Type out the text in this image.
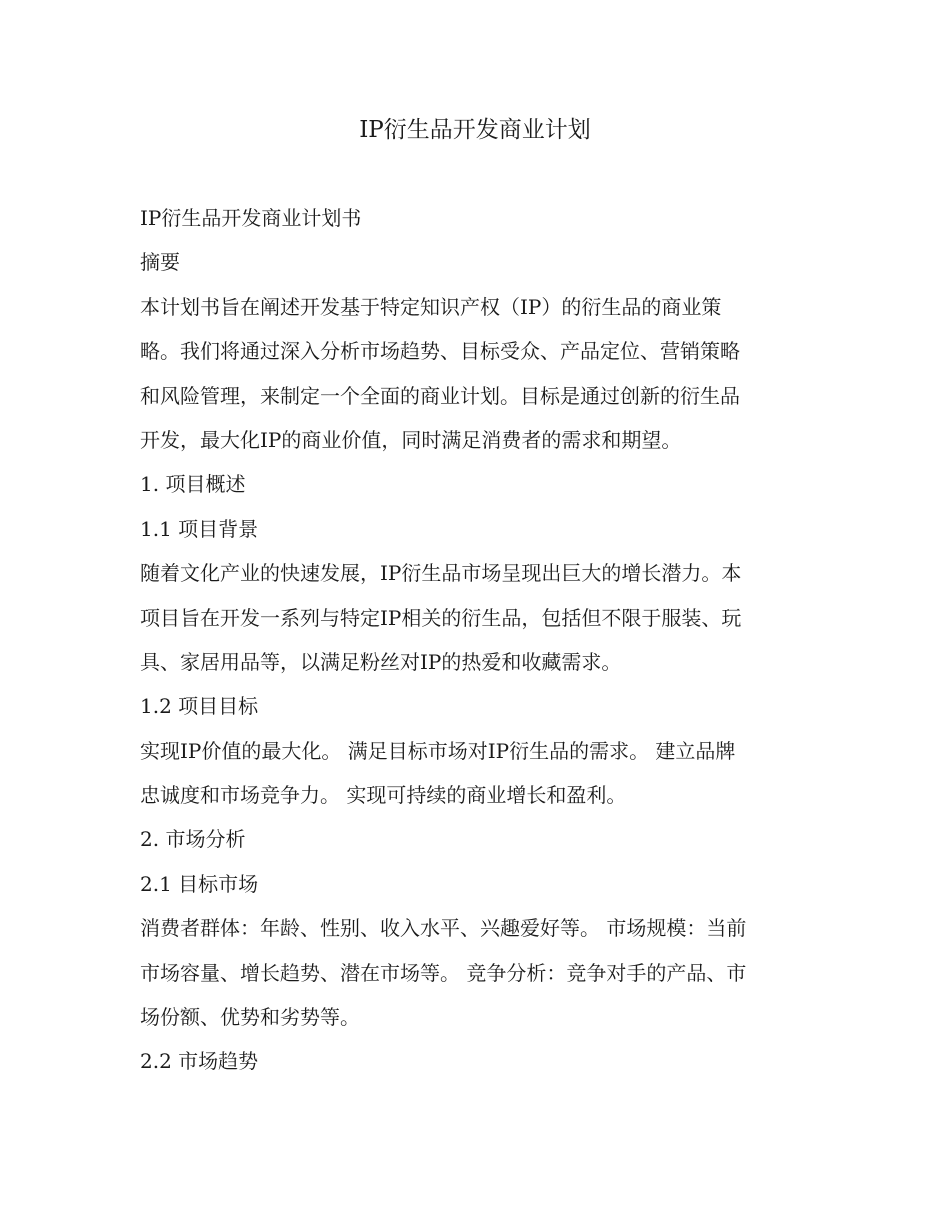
IP衍生品开发商业计划

IP衍生品开发商业计划书

摘要

本计划书旨在阐述开发基于特定知识产权（IP）的衍生品的商业策

略。我们将通过深入分析市场趋势、目标受众、产品定位、营销策略

和风险管理，来制定一个全面的商业计划。目标是通过创新的衍生品

开发，最大化IP的商业价值，同时满足消费者的需求和期望。

1. 项目概述

1.1 项目背景

随着文化产业的快速发展，IP衍生品市场呈现出巨大的增长潜力。本

项目旨在开发一系列与特定IP相关的衍生品，包括但不限于服装、玩

具、家居用品等，以满足粉丝对IP的热爱和收藏需求。

1.2 项目目标

实现IP价值的最大化。 满足目标市场对IP衍生品的需求。 建立品牌

忠诚度和市场竞争力。 实现可持续的商业增长和盈利。

2. 市场分析

2.1 目标市场

消费者群体：年龄、性别、收入水平、兴趣爱好等。 市场规模：当前

市场容量、增长趋势、潜在市场等。 竞争分析：竞争对手的产品、市

场份额、优势和劣势等。

2.2 市场趋势
